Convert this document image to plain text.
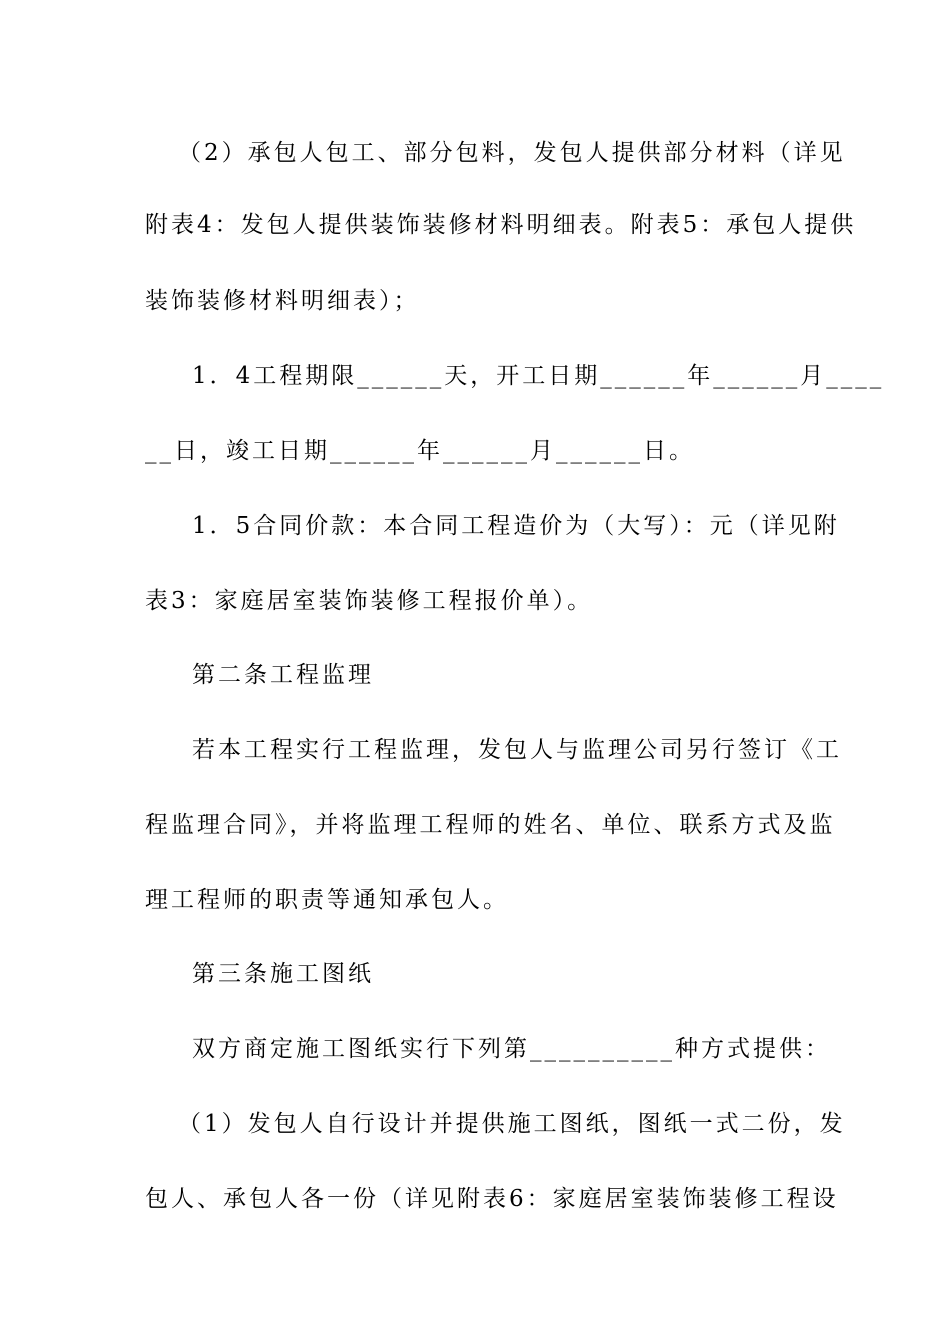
（2）承包人包工、部分包料，发包人提供部分材料（详见
附表4：发包人提供装饰装修材料明细表。附表5：承包人提供
装饰装修材料明细表）；
1．4工程期限______天，开工日期______年______月____
__日，竣工日期______年______月______日。
1．5合同价款：本合同工程造价为（大写）：元（详见附
表3：家庭居室装饰装修工程报价单）。
第二条工程监理
若本工程实行工程监理，发包人与监理公司另行签订《工
程监理合同》，并将监理工程师的姓名、单位、联系方式及监
理工程师的职责等通知承包人。
第三条施工图纸
双方商定施工图纸实行下列第__________种方式提供：
（1）发包人自行设计并提供施工图纸，图纸一式二份，发
包人、承包人各一份（详见附表6：家庭居室装饰装修工程设
